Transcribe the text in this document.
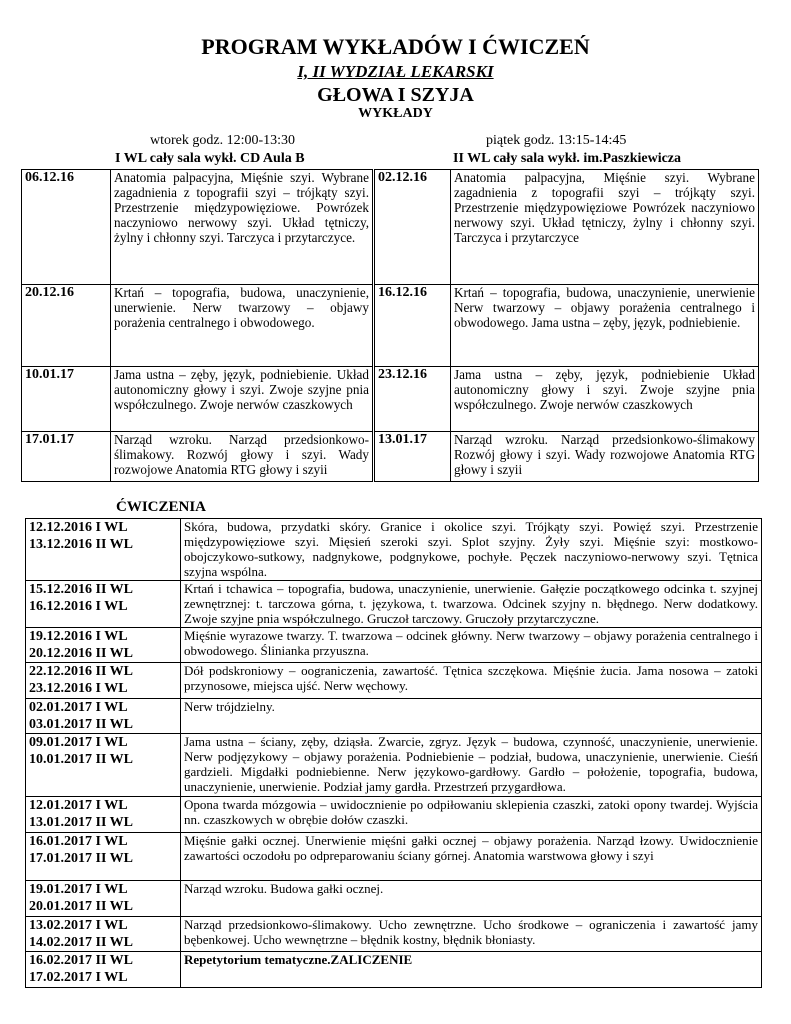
PROGRAM WYKŁADÓW I ĆWICZEŃ
I, II WYDZIAŁ LEKARSKI
GŁOWA I SZYJA
WYKŁADY
wtorek godz. 12:00-13:30
I WL cały sala wykł. CD Aula B
piątek godz. 13:15-14:45
II WL cały sala wykł. im.Paszkiewicza
06.12.16	Anatomia palpacyjna, Mięśnie szyi. Wybrane zagadnienia z topografii szyi – trójkąty szyi. Przestrzenie międzypowięziowe. Powrózek naczyniowo nerwowy szyi. Układ tętniczy, żylny i chłonny szyi. Tarczyca i przytarczyce.
20.12.16	Krtań – topografia, budowa, unaczynienie, unerwienie. Nerw twarzowy – objawy porażenia centralnego i obwodowego.
10.01.17	Jama ustna – zęby, język, podniebienie. Układ autonomiczny głowy i szyi. Zwoje szyjne pnia współczulnego. Zwoje nerwów czaszkowych
17.01.17	Narząd wzroku. Narząd przedsionkowo-ślimakowy. Rozwój głowy i szyi. Wady rozwojowe Anatomia RTG głowy i szyii
02.12.16	Anatomia palpacyjna, Mięśnie szyi. Wybrane zagadnienia z topografii szyi – trójkąty szyi. Przestrzenie międzypowięziowe Powrózek naczyniowo nerwowy szyi. Układ tętniczy, żylny i chłonny szyi. Tarczyca i przytarczyce
16.12.16	Krtań – topografia, budowa, unaczynienie, unerwienie Nerw twarzowy – objawy porażenia centralnego i obwodowego. Jama ustna – zęby, język, podniebienie.
23.12.16	Jama ustna – zęby, język, podniebienie Układ autonomiczny głowy i szyi. Zwoje szyjne pnia współczulnego. Zwoje nerwów czaszkowych
13.01.17	Narząd wzroku. Narząd przedsionkowo-ślimakowy Rozwój głowy i szyi. Wady rozwojowe Anatomia RTG głowy i szyii
ĆWICZENIA
12.12.2016 I WL
13.12.2016 II WL	Skóra, budowa, przydatki skóry. Granice i okolice szyi. Trójkąty szyi. Powięź szyi. Przestrzenie międzypowięziowe szyi. Mięsień szeroki szyi. Splot szyjny. Żyły szyi. Mięśnie szyi: mostkowo-obojczykowo-sutkowy, nadgnykowe, podgnykowe, pochyłe. Pęczek naczyniowo-nerwowy szyi. Tętnica szyjna wspólna.

15.12.2016 II WL
16.12.2016 I WL	Krtań i tchawica – topografia, budowa, unaczynienie, unerwienie. Gałęzie początkowego odcinka t. szyjnej zewnętrznej: t. tarczowa górna, t. językowa, t. twarzowa. Odcinek szyjny n. błędnego. Nerw dodatkowy. Zwoje szyjne pnia współczulnego. Gruczoł tarczowy. Gruczoły przytarczyczne.

19.12.2016 I WL
20.12.2016 II WL	Mięśnie wyrazowe twarzy. T. twarzowa – odcinek główny. Nerw twarzowy – objawy porażenia centralnego i obwodowego. Ślinianka przyuszna.

22.12.2016 II WL
23.12.2016 I WL	Dół podskroniowy – oograniczenia, zawartość. Tętnica szczękowa. Mięśnie żucia. Jama nosowa – zatoki przynosowe, miejsca ujść. Nerw węchowy.

02.01.2017 I WL
03.01.2017 II WL	Nerw trójdzielny.

09.01.2017 I WL
10.01.2017 II WL	Jama ustna – ściany, zęby, dziąsła. Zwarcie, zgryz. Język – budowa, czynność, unaczynienie, unerwienie. Nerw podjęzykowy – objawy porażenia. Podniebienie – podział, budowa, unaczynienie, unerwienie. Cieśń gardzieli. Migdałki podniebienne. Nerw językowo-gardłowy. Gardło – położenie, topografia, budowa, unaczynienie, unerwienie. Podział jamy gardła. Przestrzeń przygardłowa.

12.01.2017 I WL
13.01.2017 II WL	Opona twarda mózgowia – uwidocznienie po odpiłowaniu sklepienia czaszki, zatoki opony twardej. Wyjścia nn. czaszkowych w obrębie dołów czaszki.

16.01.2017 I WL
17.01.2017 II WL	Mięśnie gałki ocznej. Unerwienie mięśni gałki ocznej – objawy porażenia. Narząd łzowy. Uwidocznienie zawartości oczodołu po odpreparowaniu ściany górnej. Anatomia warstwowa głowy i szyi

19.01.2017 I WL
20.01.2017 II WL	Narząd wzroku. Budowa gałki ocznej.

13.02.2017 I WL
14.02.2017 II WL	Narząd przedsionkowo-ślimakowy. Ucho zewnętrzne. Ucho środkowe – ograniczenia i zawartość jamy bębenkowej. Ucho wewnętrzne – błędnik kostny, błędnik błoniasty.

16.02.2017 II WL
17.02.2017 I WL	Repetytorium tematyczne.ZALICZENIE
